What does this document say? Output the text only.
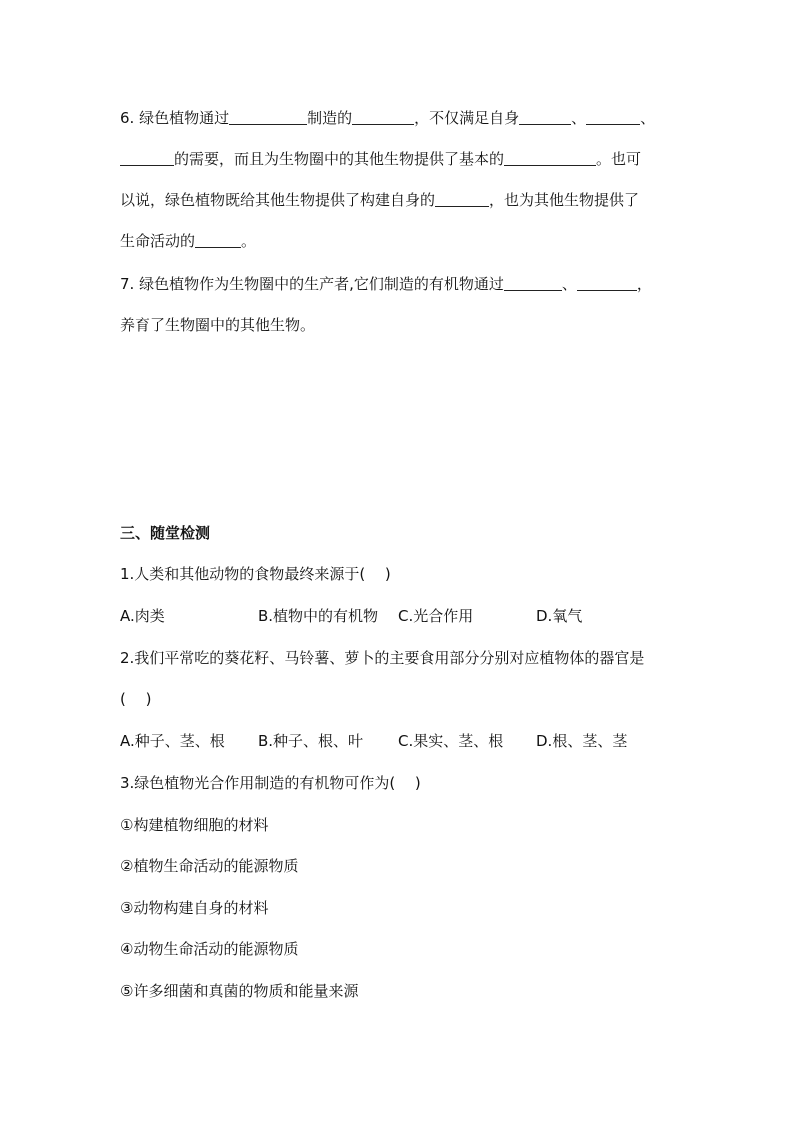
6. 绿色植物通过	制造的	，不仅满足自身	、	、
的需要，而且为生物圈中的其他生物提供了基本的	。也可
以说，绿色植物既给其他生物提供了构建自身的	，也为其他生物提供了
生命活动的	。
7. 绿色植物作为生物圈中的生产者,它们制造的有机物通过	、	，
养育了生物圈中的其他生物。
三、随堂检测
1.人类和其他动物的食物最终来源于(　 )
A.肉类	B.植物中的有机物 C.光合作用	D.氧气
2.我们平常吃的葵花籽、马铃薯、萝卜的主要食用部分分别对应植物体的器官是
(　 )
A.种子、茎、根 B.种子、根、叶 C.果实、茎、根 D.根、茎、茎
3.绿色植物光合作用制造的有机物可作为(　 )
①构建植物细胞的材料
②植物生命活动的能源物质
③动物构建自身的材料
④动物生命活动的能源物质
⑤许多细菌和真菌的物质和能量来源
